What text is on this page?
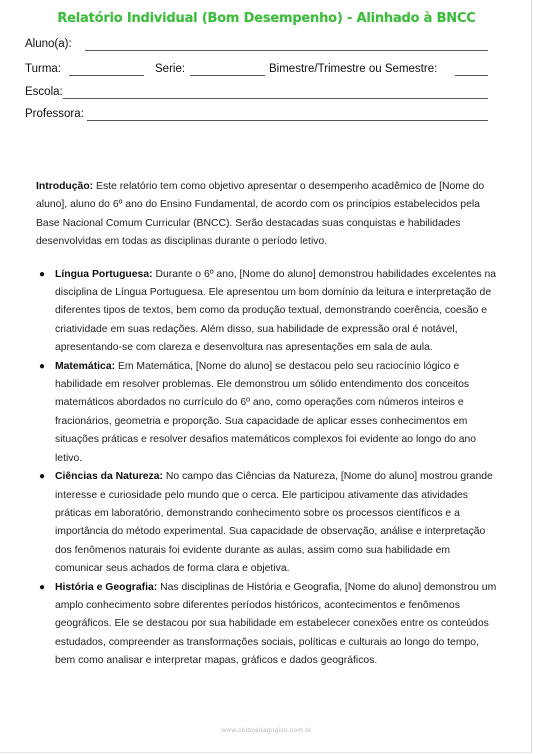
Relatório Individual (Bom Desempenho) - Alinhado à BNCC
Aluno(a):
Turma:	Serie:	Bimestre/Trimestre ou Semestre:
Escola:
Professora:

Introdução: Este relatório tem como objetivo apresentar o desempenho acadêmico de [Nome do aluno], aluno do 6º ano do Ensino Fundamental, de acordo com os princípios estabelecidos pela Base Nacional Comum Curricular (BNCC). Serão destacadas suas conquistas e habilidades desenvolvidas em todas as disciplinas durante o período letivo.

● Língua Portuguesa: Durante o 6º ano, [Nome do aluno] demonstrou habilidades excelentes na disciplina de Língua Portuguesa. Ele apresentou um bom domínio da leitura e interpretação de diferentes tipos de textos, bem como da produção textual, demonstrando coerência, coesão e criatividade em suas redações. Além disso, sua habilidade de expressão oral é notável, apresentando-se com clareza e desenvoltura nas apresentações em sala de aula.
● Matemática: Em Matemática, [Nome do aluno] se destacou pelo seu raciocínio lógico e habilidade em resolver problemas. Ele demonstrou um sólido entendimento dos conceitos matemáticos abordados no currículo do 6º ano, como operações com números inteiros e fracionários, geometria e proporção. Sua capacidade de aplicar esses conhecimentos em situações práticas e resolver desafios matemáticos complexos foi evidente ao longo do ano letivo.
● Ciências da Natureza: No campo das Ciências da Natureza, [Nome do aluno] mostrou grande interesse e curiosidade pelo mundo que o cerca. Ele participou ativamente das atividades práticas em laboratório, demonstrando conhecimento sobre os processos científicos e a importância do método experimental. Sua capacidade de observação, análise e interpretação dos fenômenos naturais foi evidente durante as aulas, assim como sua habilidade em comunicar seus achados de forma clara e objetiva.
● História e Geografia: Nas disciplinas de História e Geografia, [Nome do aluno] demonstrou um amplo conhecimento sobre diferentes períodos históricos, acontecimentos e fenômenos geográficos. Ele se destacou por sua habilidade em estabelecer conexões entre os conteúdos estudados, compreender as transformações sociais, políticas e culturais ao longo do tempo, bem como analisar e interpretar mapas, gráficos e dados geográficos.
www.clubpedagogico.com.br
